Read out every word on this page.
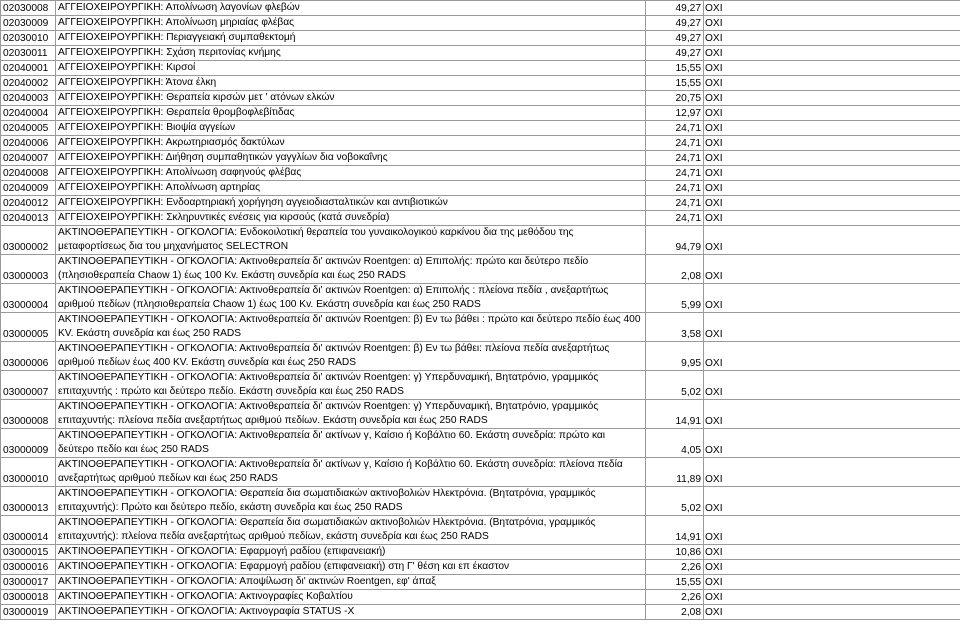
02030008	ΑΓΓΕΙΟΧΕΙΡΟΥΡΓΙΚΗ: Απολίνωση λαγονίων φλεβών	49,27	ΟΧΙ
02030009	ΑΓΓΕΙΟΧΕΙΡΟΥΡΓΙΚΗ: Απολίνωση μηριαίας φλέβας	49,27	ΟΧΙ
02030010	ΑΓΓΕΙΟΧΕΙΡΟΥΡΓΙΚΗ: Περιαγγειακή συμπαθεκτομή	49,27	ΟΧΙ
02030011	ΑΓΓΕΙΟΧΕΙΡΟΥΡΓΙΚΗ: Σχάση περιτονίας κνήμης	49,27	ΟΧΙ
02040001	ΑΓΓΕΙΟΧΕΙΡΟΥΡΓΙΚΗ: Κιρσοί	15,55	ΟΧΙ
02040002	ΑΓΓΕΙΟΧΕΙΡΟΥΡΓΙΚΗ: Άτονα έλκη	15,55	ΟΧΙ
02040003	ΑΓΓΕΙΟΧΕΙΡΟΥΡΓΙΚΗ: Θεραπεία κιρσών μετ ' ατόνων ελκών	20,75	ΟΧΙ
02040004	ΑΓΓΕΙΟΧΕΙΡΟΥΡΓΙΚΗ: Θεραπεία θρομβοφλεβίτιδας	12,97	ΟΧΙ
02040005	ΑΓΓΕΙΟΧΕΙΡΟΥΡΓΙΚΗ: Βιοψία αγγείων	24,71	ΟΧΙ
02040006	ΑΓΓΕΙΟΧΕΙΡΟΥΡΓΙΚΗ: Ακρωτηριασμός δακτύλων	24,71	ΟΧΙ
02040007	ΑΓΓΕΙΟΧΕΙΡΟΥΡΓΙΚΗ: Διήθηση συμπαθητικών γαγγλίων δια νοβοκαΐνης	24,71	ΟΧΙ
02040008	ΑΓΓΕΙΟΧΕΙΡΟΥΡΓΙΚΗ: Απολίνωση σαφηνούς φλέβας	24,71	ΟΧΙ
02040009	ΑΓΓΕΙΟΧΕΙΡΟΥΡΓΙΚΗ: Απολίνωση αρτηρίας	24,71	ΟΧΙ
02040012	ΑΓΓΕΙΟΧΕΙΡΟΥΡΓΙΚΗ: Ενδοαρτηριακή χορήγηση αγγειοδιασταλτικών και αντιβιοτικών	24,71	ΟΧΙ
02040013	ΑΓΓΕΙΟΧΕΙΡΟΥΡΓΙΚΗ: Σκληρυντικές ενέσεις για κιρσούς (κατά συνεδρία)	24,71	ΟΧΙ
03000002	ΑΚΤΙΝΟΘΕΡΑΠΕΥΤΙΚΗ - ΟΓΚΟΛΟΓΙΑ: Ενδοκοιλοτική θεραπεία του γυναικολογικού καρκίνου δια της μεθόδου της μεταφορτίσεως δια του μηχανήματος SELECTRON	94,79	ΟΧΙ
03000003	ΑΚΤΙΝΟΘΕΡΑΠΕΥΤΙΚΗ - ΟΓΚΟΛΟΓΙΑ: Ακτινοθεραπεία δι' ακτινών Roentgen: α) Επιπολής: πρώτο και δεύτερο πεδίο (πλησιοθεραπεία Chaow 1) έως 100 Kv. Εκάστη συνεδρία και έως 250 RADS	2,08	ΟΧΙ
03000004	ΑΚΤΙΝΟΘΕΡΑΠΕΥΤΙΚΗ - ΟΓΚΟΛΟΓΙΑ: Ακτινοθεραπεία δι' ακτινών Roentgen: α) Επιπολής : πλείονα πεδία , ανεξαρτήτως αριθμού πεδίων (πλησιοθεραπεία Chaow 1) έως 100 Kv. Εκάστη συνεδρία και έως 250 RADS	5,99	ΟΧΙ
03000005	ΑΚΤΙΝΟΘΕΡΑΠΕΥΤΙΚΗ - ΟΓΚΟΛΟΓΙΑ: Ακτινοθεραπεία δι' ακτινών Roentgen: β) Εν τω βάθει : πρώτο και δεύτερο πεδίο έως 400 KV. Εκάστη συνεδρία και έως 250 RADS	3,58	ΟΧΙ
03000006	ΑΚΤΙΝΟΘΕΡΑΠΕΥΤΙΚΗ - ΟΓΚΟΛΟΓΙΑ: Ακτινοθεραπεία δι' ακτινών Roentgen: β) Εν τω βάθει: πλείονα πεδία ανεξαρτήτως αριθμού πεδίων έως 400 KV. Εκάστη συνεδρία και έως 250 RADS	9,95	ΟΧΙ
03000007	ΑΚΤΙΝΟΘΕΡΑΠΕΥΤΙΚΗ - ΟΓΚΟΛΟΓΙΑ: Ακτινοθεραπεία δι' ακτινών Roentgen: γ) Υπερδυναμική, Βητατρόνιο, γραμμικός επιταχυντής : πρώτο και δεύτερο πεδίο. Εκάστη συνεδρία και έως 250 RADS	5,02	ΟΧΙ
03000008	ΑΚΤΙΝΟΘΕΡΑΠΕΥΤΙΚΗ - ΟΓΚΟΛΟΓΙΑ: Ακτινοθεραπεία δι' ακτινών Roentgen: γ) Υπερδυναμική, Βητατρόνιο, γραμμικός επιταχυντής: πλείονα πεδία ανεξαρτήτως αριθμού πεδίων. Εκάστη συνεδρία και έως 250 RADS	14,91	ΟΧΙ
03000009	ΑΚΤΙΝΟΘΕΡΑΠΕΥΤΙΚΗ - ΟΓΚΟΛΟΓΙΑ: Ακτινοθεραπεία δι' ακτίνων γ, Καίσιο ή Κοβάλτιο 60. Εκάστη συνεδρία: πρώτο και δεύτερο πεδίο και έως 250 RADS	4,05	ΟΧΙ
03000010	ΑΚΤΙΝΟΘΕΡΑΠΕΥΤΙΚΗ - ΟΓΚΟΛΟΓΙΑ: Ακτινοθεραπεία δι' ακτίνων γ, Καίσιο ή Κοβάλτιο 60. Εκάστη συνεδρία: πλείονα πεδία ανεξαρτήτως αριθμού πεδίων και έως 250 RADS	11,89	ΟΧΙ
03000013	ΑΚΤΙΝΟΘΕΡΑΠΕΥΤΙΚΗ - ΟΓΚΟΛΟΓΙΑ: Θεραπεία δια σωματιδιακών ακτινοβολιών Ηλεκτρόνια. (Βητατρόνια, γραμμικός επιταχυντής): Πρώτο και δεύτερο πεδίο, εκάστη συνεδρία και έως 250 RADS	5,02	ΟΧΙ
03000014	ΑΚΤΙΝΟΘΕΡΑΠΕΥΤΙΚΗ - ΟΓΚΟΛΟΓΙΑ: Θεραπεία δια σωματιδιακών ακτινοβολιών Ηλεκτρόνια. (Βητατρόνια, γραμμικός επιταχυντής): πλείονα πεδία ανεξαρτήτως αριθμού πεδίων, εκάστη συνεδρία και έως 250 RADS	14,91	ΟΧΙ
03000015	ΑΚΤΙΝΟΘΕΡΑΠΕΥΤΙΚΗ - ΟΓΚΟΛΟΓΙΑ: Εφαρμογή ραδίου (επιφανειακή)	10,86	ΟΧΙ
03000016	ΑΚΤΙΝΟΘΕΡΑΠΕΥΤΙΚΗ - ΟΓΚΟΛΟΓΙΑ: Εφαρμογή ραδίου (επιφανειακή) στη Γ' θέση και επ έκαστον	2,26	ΟΧΙ
03000017	ΑΚΤΙΝΟΘΕΡΑΠΕΥΤΙΚΗ - ΟΓΚΟΛΟΓΙΑ: Αποψίλωση δι' ακτινών Roentgen, εφ' άπαξ	15,55	ΟΧΙ
03000018	ΑΚΤΙΝΟΘΕΡΑΠΕΥΤΙΚΗ - ΟΓΚΟΛΟΓΙΑ: Ακτινογραφίες Κοβαλτίου	2,26	ΟΧΙ
03000019	ΑΚΤΙΝΟΘΕΡΑΠΕΥΤΙΚΗ - ΟΓΚΟΛΟΓΙΑ: Ακτινογραφία STATUS -X	2,08	ΟΧΙ
